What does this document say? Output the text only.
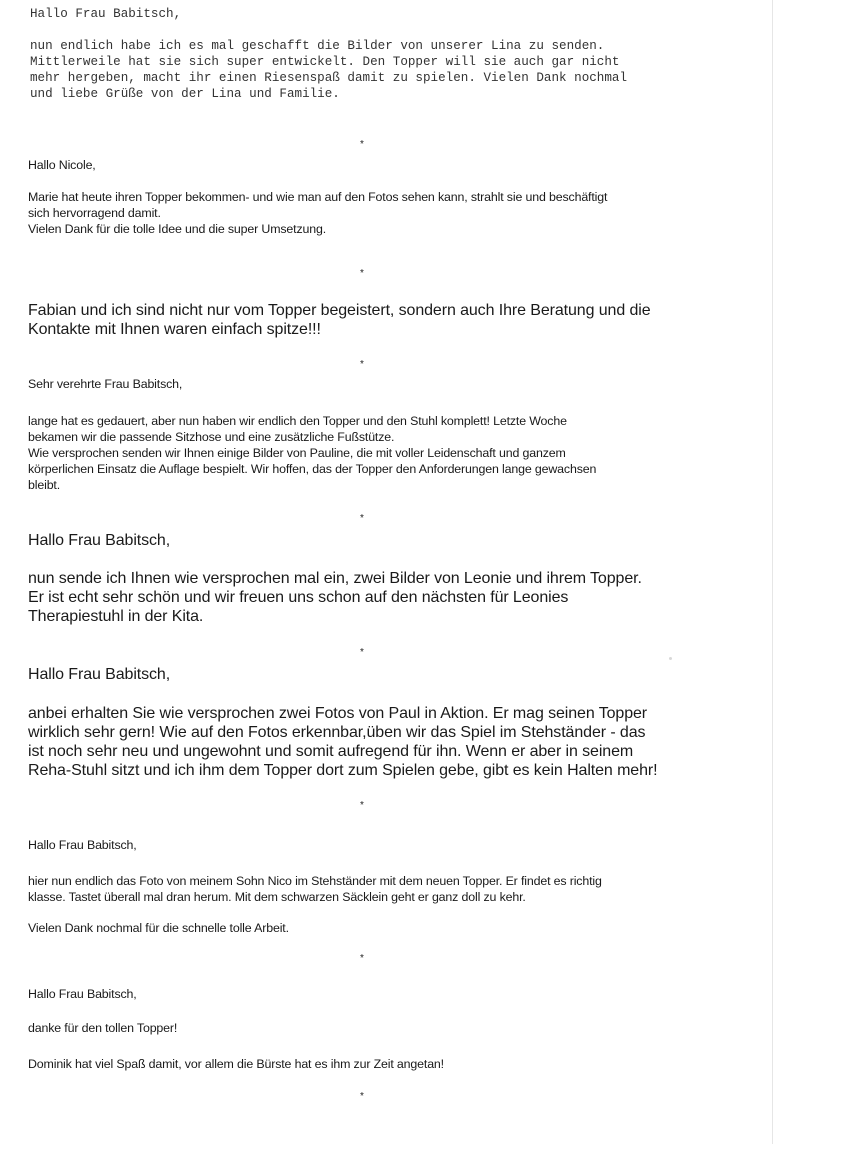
Hallo Frau Babitsch,

nun endlich habe ich es mal geschafft die Bilder von unserer Lina zu senden.
Mittlerweile hat sie sich super entwickelt. Den Topper will sie auch gar nicht
mehr hergeben, macht ihr einen Riesenspaß damit zu spielen. Vielen Dank nochmal
und liebe Grüße von der Lina und Familie.
*

Hallo Nicole,

Marie hat heute ihren Topper bekommen- und wie man auf den Fotos sehen kann, strahlt sie und beschäftigt
sich hervorragend damit.
Vielen Dank für die tolle Idee und die super Umsetzung.
*
Fabian und ich sind nicht nur vom Topper begeistert, sondern auch Ihre Beratung und die
Kontakte mit Ihnen waren einfach spitze!!!
*

Sehr verehrte Frau Babitsch,

lange hat es gedauert, aber nun haben wir endlich den Topper und den Stuhl komplett! Letzte Woche
bekamen wir die passende Sitzhose und eine zusätzliche Fußstütze.
Wie versprochen senden wir Ihnen einige Bilder von Pauline, die mit voller Leidenschaft und ganzem
körperlichen Einsatz die Auflage bespielt. Wir hoffen, das der Topper den Anforderungen lange gewachsen
bleibt.
*

Hallo Frau Babitsch,

nun sende ich Ihnen wie versprochen mal ein, zwei Bilder von Leonie und ihrem Topper.
Er ist echt sehr schön und wir freuen uns schon auf den nächsten für Leonies
Therapiestuhl in der Kita.
*

Hallo Frau Babitsch,

anbei erhalten Sie wie versprochen zwei Fotos von Paul in Aktion. Er mag seinen Topper
wirklich sehr gern! Wie auf den Fotos erkennbar,üben wir das Spiel im Stehständer - das
ist noch sehr neu und ungewohnt und somit aufregend für ihn. Wenn er aber in seinem
Reha-Stuhl sitzt und ich ihm dem Topper dort zum Spielen gebe, gibt es kein Halten mehr!
*

Hallo Frau Babitsch,

hier nun endlich das Foto von meinem Sohn Nico im Stehständer mit dem neuen Topper. Er findet es richtig
klasse. Tastet überall mal dran herum. Mit dem schwarzen Säcklein geht er ganz doll zu kehr.

Vielen Dank nochmal für die schnelle tolle Arbeit.

*

Hallo Frau Babitsch,

danke für den tollen Topper!

Dominik hat viel Spaß damit, vor allem die Bürste hat es ihm zur Zeit angetan!

*
